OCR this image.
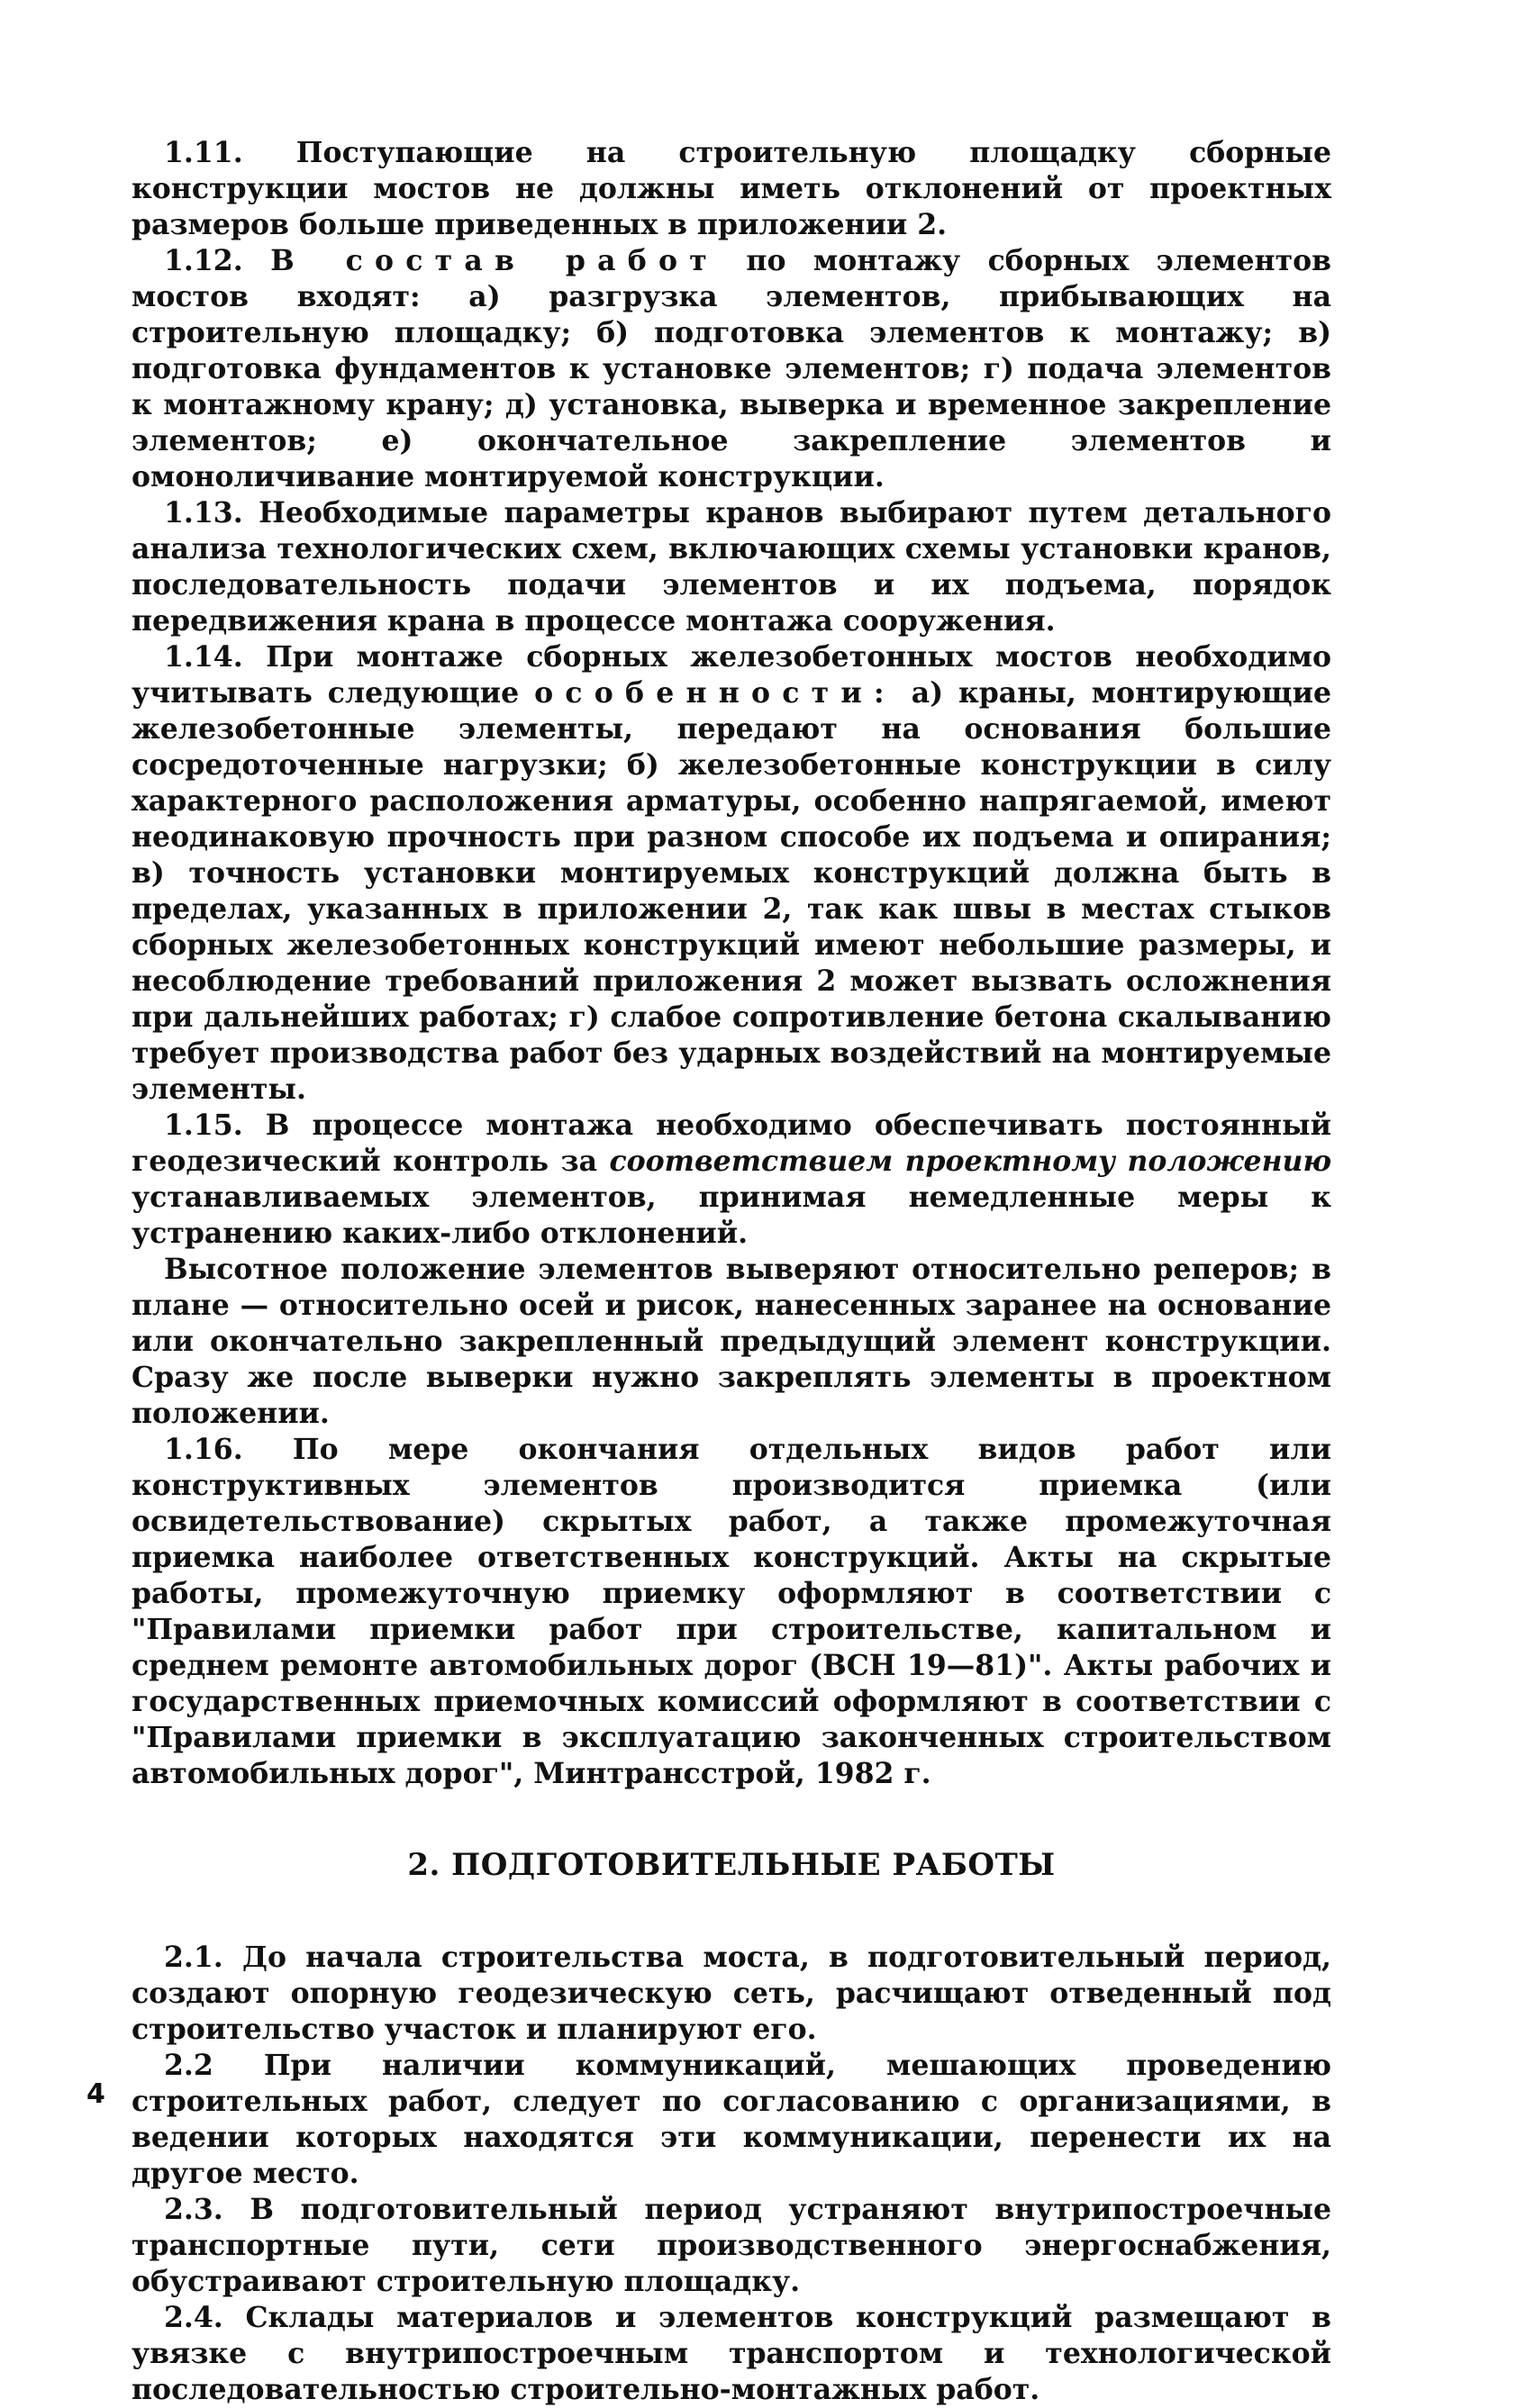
1.11. Поступающие на строительную площадку сборные конструкции мостов не должны иметь отклонений от проектных размеров больше приведенных в приложении 2.

1.12. В состав работ по монтажу сборных элементов мостов входят: а) разгрузка элементов, прибывающих на строительную площадку; б) подготовка элементов к монтажу; в) подготовка фундаментов к установке элементов; г) подача элементов к монтажному крану; д) установка, выверка и временное закрепление элементов; е) окончательное закрепление элементов и омоноличивание монтируемой конструкции.

1.13. Необходимые параметры кранов выбирают путем детального анализа технологических схем, включающих схемы установки кранов, последовательность подачи элементов и их подъема, порядок передвижения крана в процессе монтажа сооружения.

1.14. При монтаже сборных железобетонных мостов необходимо учитывать следующие особенности: а) краны, монтирующие железобетонные элементы, передают на основания большие сосредоточенные нагрузки; б) железобетонные конструкции в силу характерного расположения арматуры, особенно напрягаемой, имеют неодинаковую прочность при разном способе их подъема и опирания; в) точность установки монтируемых конструкций должна быть в пределах, указанных в приложении 2, так как швы в местах стыков сборных железобетонных конструкций имеют небольшие размеры, и несоблюдение требований приложения 2 может вызвать осложнения при дальнейших работах; г) слабое сопротивление бетона скалыванию требует производства работ без ударных воздействий на монтируемые элементы.

1.15. В процессе монтажа необходимо обеспечивать постоянный геодезический контроль за соответствием проектному положению устанавливаемых элементов, принимая немедленные меры к устранению каких-либо отклонений.

Высотное положение элементов выверяют относительно реперов; в плане — относительно осей и рисок, нанесенных заранее на основание или окончательно закрепленный предыдущий элемент конструкции. Сразу же после выверки нужно закреплять элементы в проектном положении.

1.16. По мере окончания отдельных видов работ или конструктивных элементов производится приемка (или освидетельствование) скрытых работ, а также промежуточная приемка наиболее ответственных конструкций. Акты на скрытые работы, промежуточную приемку оформляют в соответствии с "Правилами приемки работ при строительстве, капитальном и среднем ремонте автомобильных дорог (ВСН 19—81)". Акты рабочих и государственных приемочных комиссий оформляют в соответствии с "Правилами приемки в эксплуатацию законченных строительством автомобильных дорог", Минтрансстрой, 1982 г.

2. ПОДГОТОВИТЕЛЬНЫЕ РАБОТЫ

2.1. До начала строительства моста, в подготовительный период, создают опорную геодезическую сеть, расчищают отведенный под строительство участок и планируют его.

2.2 При наличии коммуникаций, мешающих проведению строительных работ, следует по согласованию с организациями, в ведении которых находятся эти коммуникации, перенести их на другое место.

2.3. В подготовительный период устраняют внутрипостроечные транспортные пути, сети производственного энергоснабжения, обустраивают строительную площадку.

2.4. Склады материалов и элементов конструкций размещают в увязке с внутрипостроечным транспортом и технологической последовательностью строительно-монтажных работ.

4
